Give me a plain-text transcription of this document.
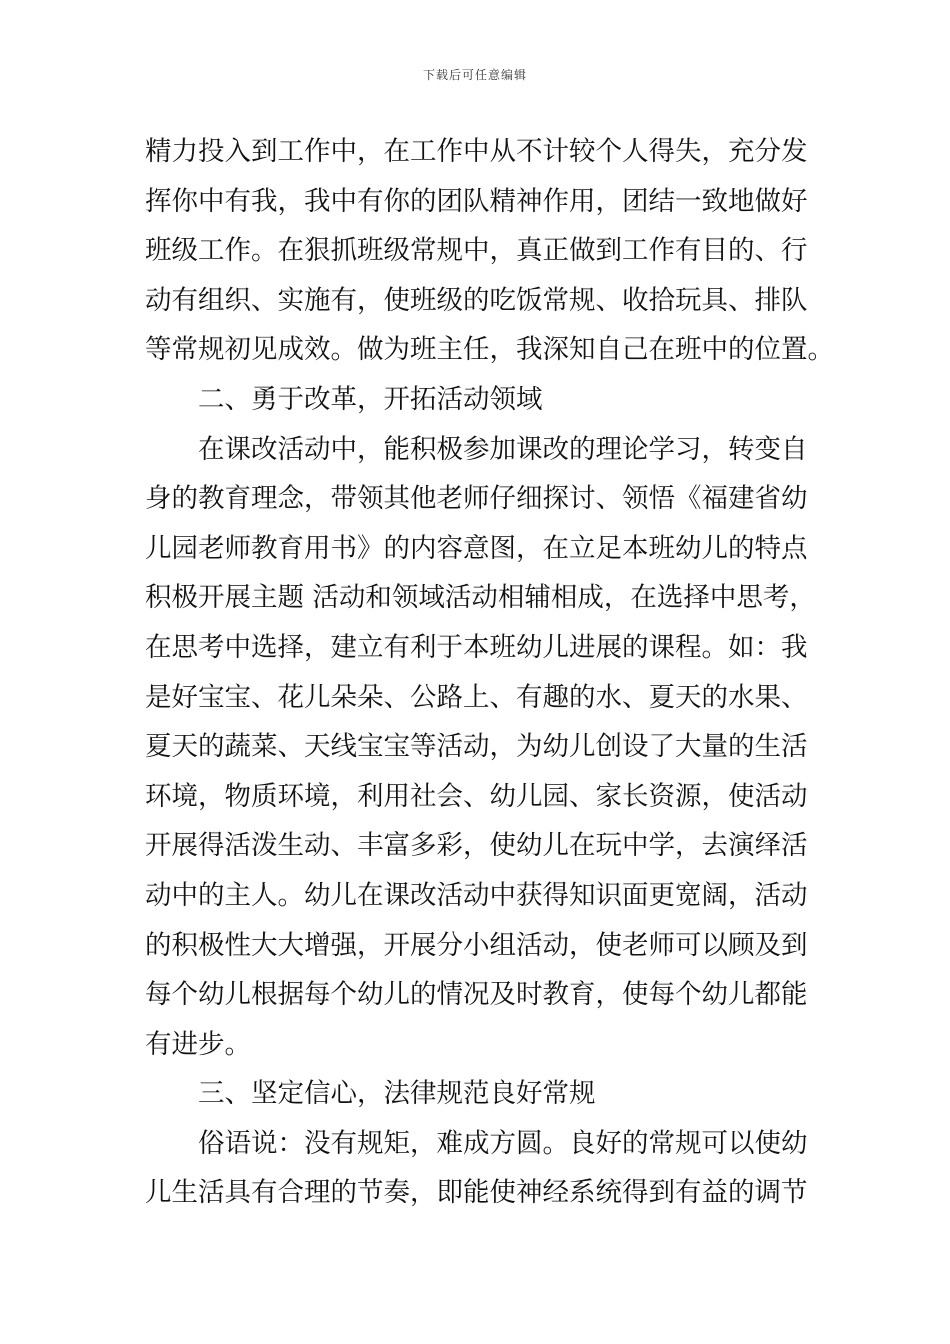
下载后可任意编辑
精力投入到工作中，在工作中从不计较个人得失，充分发
挥你中有我，我中有你的团队精神作用，团结一致地做好
班级工作。在狠抓班级常规中，真正做到工作有目的、行
动有组织、实施有，使班级的吃饭常规、收拾玩具、排队
等常规初见成效。做为班主任，我深知自己在班中的位置。
二、勇于改革，开拓活动领域
在课改活动中，能积极参加课改的理论学习，转变自
身的教育理念，带领其他老师仔细探讨、领悟《福建省幼
儿园老师教育用书》的内容意图，在立足本班幼儿的特点
积极开展主题 活动和领域活动相辅相成，在选择中思考，
在思考中选择，建立有利于本班幼儿进展的课程。如：我
是好宝宝、花儿朵朵、公路上、有趣的水、夏天的水果、
夏天的蔬菜、天线宝宝等活动，为幼儿创设了大量的生活
环境，物质环境，利用社会、幼儿园、家长资源，使活动
开展得活泼生动、丰富多彩，使幼儿在玩中学，去演绎活
动中的主人。幼儿在课改活动中获得知识面更宽阔，活动
的积极性大大增强，开展分小组活动，使老师可以顾及到
每个幼儿根据每个幼儿的情况及时教育，使每个幼儿都能
有进步。
三、坚定信心，法律规范良好常规
俗语说：没有规矩，难成方圆。良好的常规可以使幼
儿生活具有合理的节奏，即能使神经系统得到有益的调节
